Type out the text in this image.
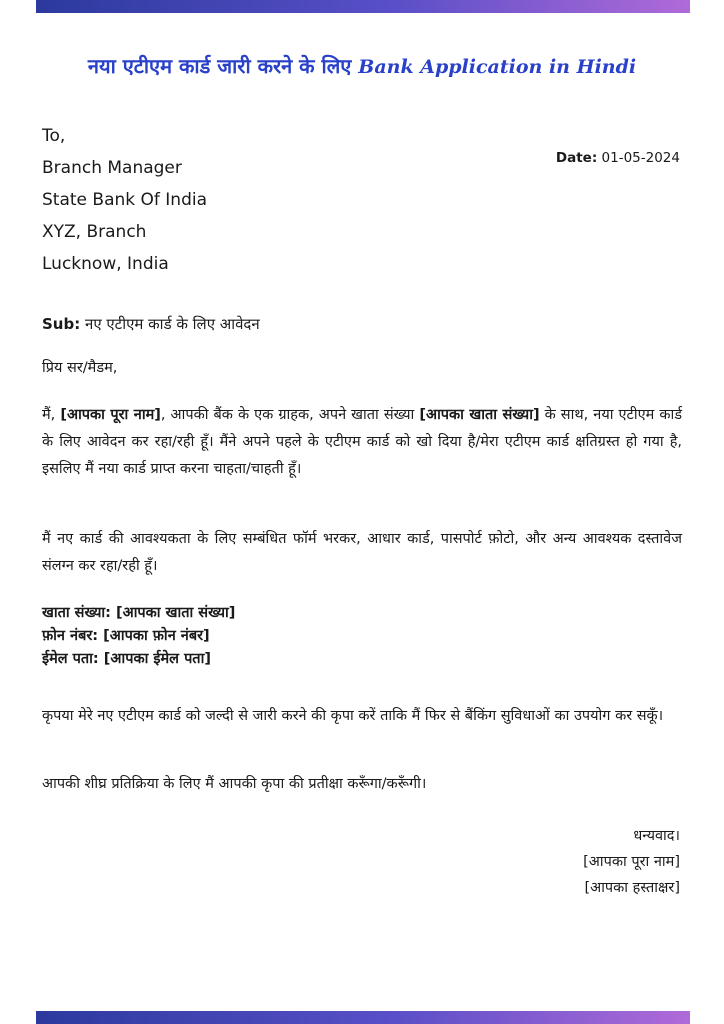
नया एटीएम कार्ड जारी करने के लिए Bank Application in Hindi
To,
Branch Manager
State Bank Of India
XYZ, Branch
Lucknow, India
Date: 01-05-2024
Sub: नए एटीएम कार्ड के लिए आवेदन
प्रिय सर/मैडम,
मैं, [आपका पूरा नाम], आपकी बैंक के एक ग्राहक, अपने खाता संख्या [आपका खाता संख्या] के साथ, नया एटीएम कार्ड के लिए आवेदन कर रहा/रही हूँ। मैंने अपने पहले के एटीएम कार्ड को खो दिया है/मेरा एटीएम कार्ड क्षतिग्रस्त हो गया है, इसलिए मैं नया कार्ड प्राप्त करना चाहता/चाहती हूँ।
मैं नए कार्ड की आवश्यकता के लिए सम्बंधित फॉर्म भरकर, आधार कार्ड, पासपोर्ट फ़ोटो, और अन्य आवश्यक दस्तावेज संलग्न कर रहा/रही हूँ।
खाता संख्या: [आपका खाता संख्या]
फ़ोन नंबर: [आपका फ़ोन नंबर]
ईमेल पता: [आपका ईमेल पता]
कृपया मेरे नए एटीएम कार्ड को जल्दी से जारी करने की कृपा करें ताकि मैं फिर से बैंकिंग सुविधाओं का उपयोग कर सकूँ।
आपकी शीघ्र प्रतिक्रिया के लिए मैं आपकी कृपा की प्रतीक्षा करूँगा/करूँगी।
धन्यवाद।
[आपका पूरा नाम]
[आपका हस्ताक्षर]
